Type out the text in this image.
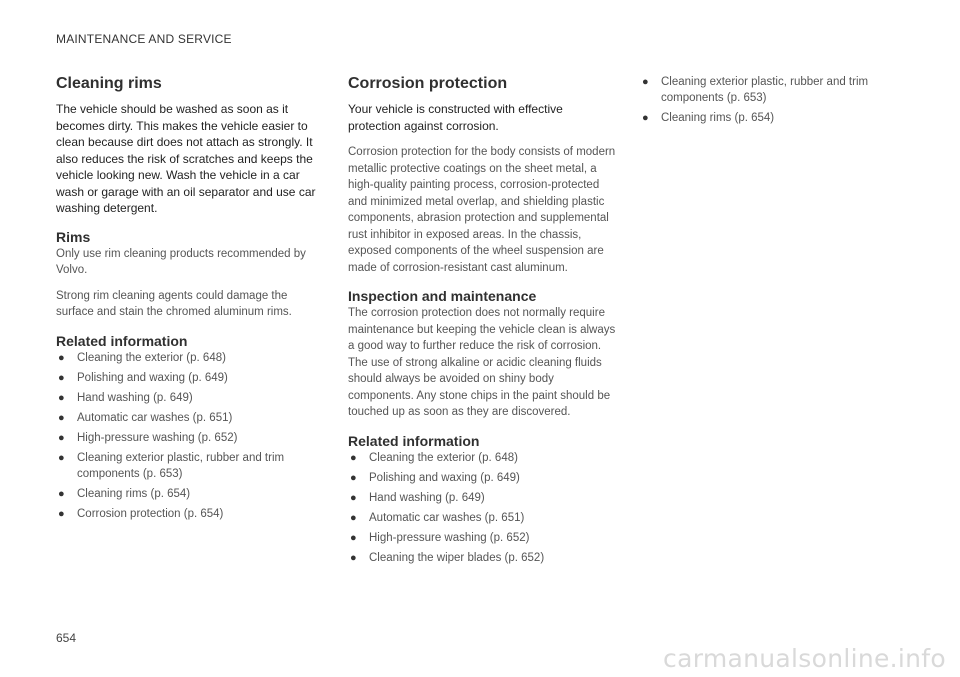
MAINTENANCE AND SERVICE
Cleaning rims

The vehicle should be washed as soon as it becomes dirty. This makes the vehicle easier to clean because dirt does not attach as strongly. It also reduces the risk of scratches and keeps the vehicle looking new. Wash the vehicle in a car wash or garage with an oil separator and use car washing detergent.

Rims

Only use rim cleaning products recommended by Volvo.

Strong rim cleaning agents could damage the surface and stain the chromed aluminum rims.

Related information
● Cleaning the exterior (p. 648)
● Polishing and waxing (p. 649)
● Hand washing (p. 649)
● Automatic car washes (p. 651)
● High-pressure washing (p. 652)
● Cleaning exterior plastic, rubber and trim components (p. 653)
● Cleaning rims (p. 654)
● Corrosion protection (p. 654)
Corrosion protection

Your vehicle is constructed with effective protection against corrosion.

Corrosion protection for the body consists of modern metallic protective coatings on the sheet metal, a high-quality painting process, corrosion-protected and minimized metal overlap, and shielding plastic components, abrasion protection and supplemental rust inhibitor in exposed areas. In the chassis, exposed components of the wheel suspension are made of corrosion-resistant cast aluminum.

Inspection and maintenance

The corrosion protection does not normally require maintenance but keeping the vehicle clean is always a good way to further reduce the risk of corrosion. The use of strong alkaline or acidic cleaning fluids should always be avoided on shiny body components. Any stone chips in the paint should be touched up as soon as they are discovered.

Related information
● Cleaning the exterior (p. 648)
● Polishing and waxing (p. 649)
● Hand washing (p. 649)
● Automatic car washes (p. 651)
● High-pressure washing (p. 652)
● Cleaning the wiper blades (p. 652)
● Cleaning exterior plastic, rubber and trim components (p. 653)
● Cleaning rims (p. 654)
654
carmanualsonline.info
